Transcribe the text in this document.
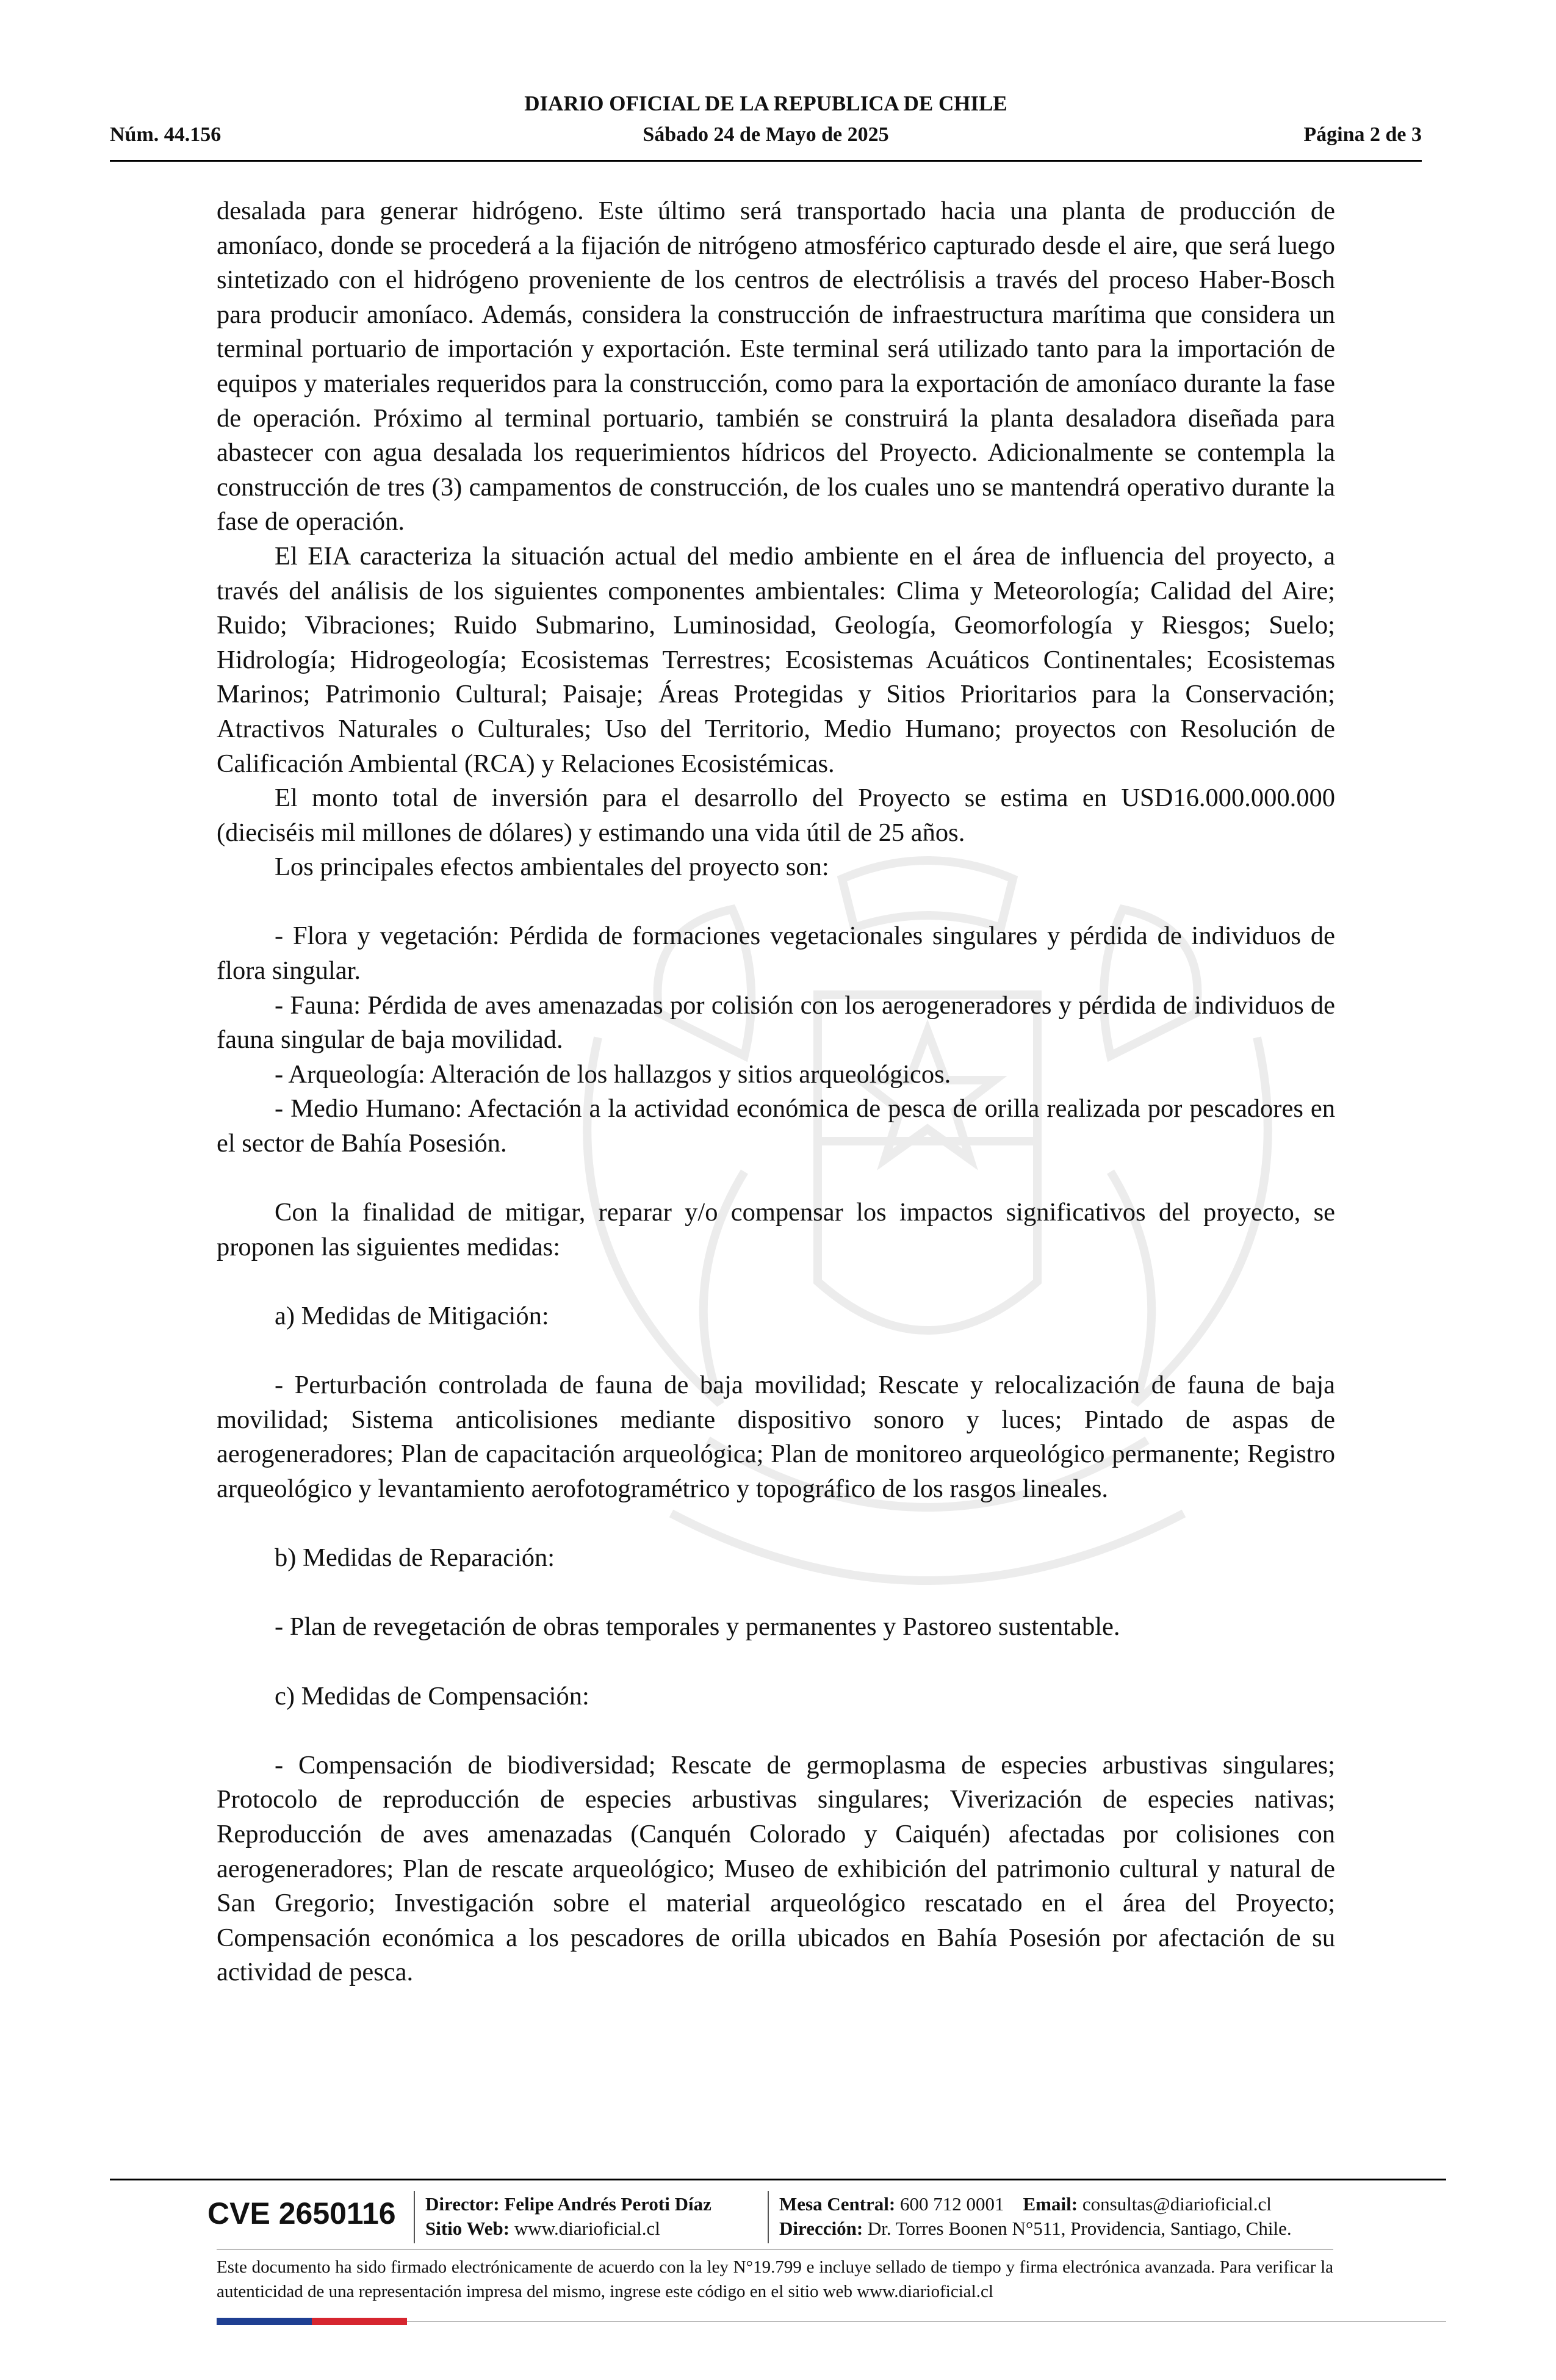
DIARIO OFICIAL DE LA REPUBLICA DE CHILE
Núm. 44.156	Sábado 24 de Mayo de 2025	Página 2 de 3

desalada para generar hidrógeno. Este último será transportado hacia una planta de producción de amoníaco, donde se procederá a la fijación de nitrógeno atmosférico capturado desde el aire, que será luego sintetizado con el hidrógeno proveniente de los centros de electrólisis a través del proceso Haber-Bosch para producir amoníaco. Además, considera la construcción de infraestructura marítima que considera un terminal portuario de importación y exportación. Este terminal será utilizado tanto para la importación de equipos y materiales requeridos para la construcción, como para la exportación de amoníaco durante la fase de operación. Próximo al terminal portuario, también se construirá la planta desaladora diseñada para abastecer con agua desalada los requerimientos hídricos del Proyecto. Adicionalmente se contempla la construcción de tres (3) campamentos de construcción, de los cuales uno se mantendrá operativo durante la fase de operación.

El EIA caracteriza la situación actual del medio ambiente en el área de influencia del proyecto, a través del análisis de los siguientes componentes ambientales: Clima y Meteorología; Calidad del Aire; Ruido; Vibraciones; Ruido Submarino, Luminosidad, Geología, Geomorfología y Riesgos; Suelo; Hidrología; Hidrogeología; Ecosistemas Terrestres; Ecosistemas Acuáticos Continentales; Ecosistemas Marinos; Patrimonio Cultural; Paisaje; Áreas Protegidas y Sitios Prioritarios para la Conservación; Atractivos Naturales o Culturales; Uso del Territorio, Medio Humano; proyectos con Resolución de Calificación Ambiental (RCA) y Relaciones Ecosistémicas.

El monto total de inversión para el desarrollo del Proyecto se estima en USD16.000.000.000 (dieciséis mil millones de dólares) y estimando una vida útil de 25 años.

Los principales efectos ambientales del proyecto son:

- Flora y vegetación: Pérdida de formaciones vegetacionales singulares y pérdida de individuos de flora singular.

- Fauna: Pérdida de aves amenazadas por colisión con los aerogeneradores y pérdida de individuos de fauna singular de baja movilidad.

- Arqueología: Alteración de los hallazgos y sitios arqueológicos.

- Medio Humano: Afectación a la actividad económica de pesca de orilla realizada por pescadores en el sector de Bahía Posesión.

Con la finalidad de mitigar, reparar y/o compensar los impactos significativos del proyecto, se proponen las siguientes medidas:

a) Medidas de Mitigación:

- Perturbación controlada de fauna de baja movilidad; Rescate y relocalización de fauna de baja movilidad; Sistema anticolisiones mediante dispositivo sonoro y luces; Pintado de aspas de aerogeneradores; Plan de capacitación arqueológica; Plan de monitoreo arqueológico permanente; Registro arqueológico y levantamiento aerofotogramétrico y topográfico de los rasgos lineales.

b) Medidas de Reparación:

- Plan de revegetación de obras temporales y permanentes y Pastoreo sustentable.

c) Medidas de Compensación:

- Compensación de biodiversidad; Rescate de germoplasma de especies arbustivas singulares; Protocolo de reproducción de especies arbustivas singulares; Viverización de especies nativas; Reproducción de aves amenazadas (Canquén Colorado y Caiquén) afectadas por colisiones con aerogeneradores; Plan de rescate arqueológico; Museo de exhibición del patrimonio cultural y natural de San Gregorio; Investigación sobre el material arqueológico rescatado en el área del Proyecto; Compensación económica a los pescadores de orilla ubicados en Bahía Posesión por afectación de su actividad de pesca.

CVE 2650116	Director: Felipe Andrés Peroti Díaz
Sitio Web: www.diarioficial.cl
Mesa Central: 600 712 0001 Email: consultas@diarioficial.cl
Dirección: Dr. Torres Boonen N°511, Providencia, Santiago, Chile.
Este documento ha sido firmado electrónicamente de acuerdo con la ley N°19.799 e incluye sellado de tiempo y firma electrónica avanzada. Para verificar la autenticidad de una representación impresa del mismo, ingrese este código en el sitio web www.diarioficial.cl
